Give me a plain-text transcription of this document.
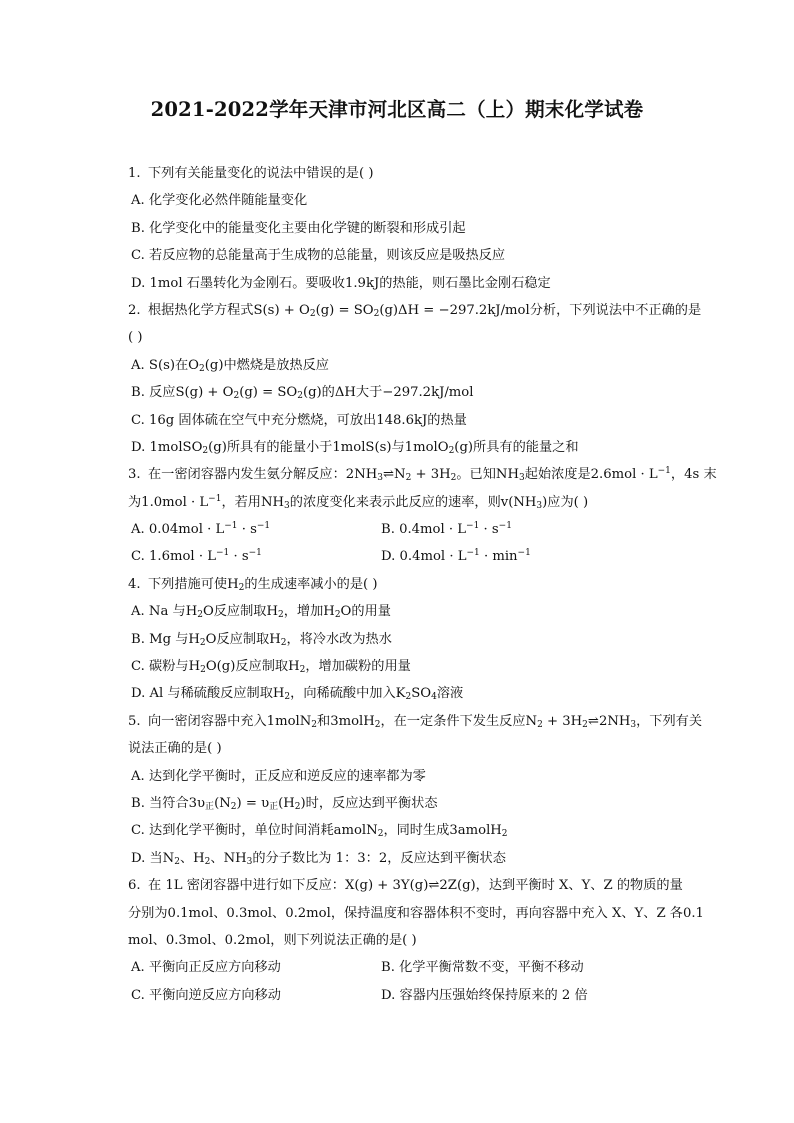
2021-2022学年天津市河北区高二（上）期末化学试卷
1. 下列有关能量变化的说法中错误的是( )
A. 化学变化必然伴随能量变化
B. 化学变化中的能量变化主要由化学键的断裂和形成引起
C. 若反应物的总能量高于生成物的总能量，则该反应是吸热反应
D. 1mol 石墨转化为金刚石。要吸收1.9kJ的热能，则石墨比金刚石稳定
2. 根据热化学方程式$S(s) + O_2(g) = SO_2(g)\Delta H = -297.2kJ/mol$分析，下列说法中不正确的是
( )
A. S(s)在$O_2(g)$中燃烧是放热反应
B. 反应$S(g) + O_2(g) = SO_2(g)$的ΔH大于−297.2kJ/mol
C. 16g 固体硫在空气中充分燃烧，可放出148.6kJ的热量
D. 1molSO$_2$(g)所具有的能量小于1molS(s)与1molO$_2$(g)所具有的能量之和
3. 在一密闭容器内发生氨分解反应：$2NH_3\rightleftharpoons N_2 + 3H_2$。已知$NH_3$起始浓度是$2.6mol \cdot L^{-1}$，4s 末
为$1.0mol \cdot L^{-1}$，若用$NH_3$的浓度变化来表示此反应的速率，则$v(NH_3)$应为( )
A. $0.04mol \cdot L^{-1} \cdot s^{-1}$	B. $0.4mol \cdot L^{-1} \cdot s^{-1}$
C. $1.6mol \cdot L^{-1} \cdot s^{-1}$	D. $0.4mol \cdot L^{-1} \cdot \min^{-1}$
4. 下列措施可使$H_2$的生成速率减小的是( )
A. Na 与$H_2O$反应制取$H_2$，增加$H_2O$的用量
B. Mg 与$H_2O$反应制取$H_2$，将冷水改为热水
C. 碳粉与$H_2O(g)$反应制取$H_2$，增加碳粉的用量
D. Al 与稀硫酸反应制取$H_2$，向稀硫酸中加入$K_2SO_4$溶液
5. 向一密闭容器中充入1molN$_2$和3molH$_2$，在一定条件下发生反应$N_2$ + $3H_2\rightleftharpoons 2NH_3$，下列有关
说法正确的是( )
A. 达到化学平衡时，正反应和逆反应的速率都为零
B. 当符合$3\upsilon_正(N_2) = \upsilon_正(H_2)$时，反应达到平衡状态
C. 达到化学平衡时，单位时间消耗amolN$_2$，同时生成3amolH$_2$
D. 当$N_2$、$H_2$、$NH_3$的分子数比为 1：3：2，反应达到平衡状态
6. 在 1L 密闭容器中进行如下反应：X(g) + 3Y(g)⇌2Z(g)，达到平衡时 X、Y、Z 的物质的量
分别为0.1mol、0.3mol、0.2mol，保持温度和容器体积不变时，再向容器中充入 X、Y、Z 各0.1
mol、0.3mol、0.2mol，则下列说法正确的是( )
A. 平衡向正反应方向移动	B. 化学平衡常数不变，平衡不移动
C. 平衡向逆反应方向移动	D. 容器内压强始终保持原来的 2 倍
